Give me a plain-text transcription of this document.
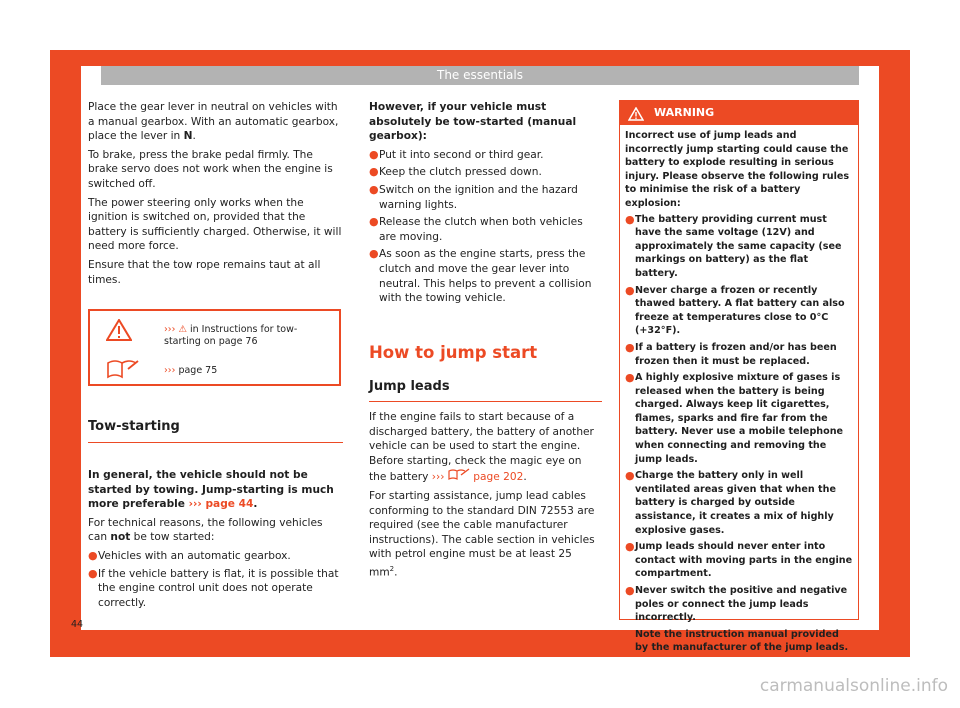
The essentials

Place the gear lever in neutral on vehicles with a manual gearbox. With an automatic gearbox, place the lever in N.

To brake, press the brake pedal firmly. The brake servo does not work when the engine is switched off.

The power steering only works when the ignition is switched on, provided that the battery is sufficiently charged. Otherwise, it will need more force.

Ensure that the tow rope remains taut at all times.

››› ⚠ in Instructions for tow-starting on page 76
››› page 75
Tow-starting

In general, the vehicle should not be started by towing. Jump-starting is much more preferable ››› page 44.

For technical reasons, the following vehicles can not be tow started:

● Vehicles with an automatic gearbox.
● If the vehicle battery is flat, it is possible that the engine control unit does not operate correctly.

However, if your vehicle must absolutely be tow-started (manual gearbox):

● Put it into second or third gear.
● Keep the clutch pressed down.
● Switch on the ignition and the hazard warning lights.
● Release the clutch when both vehicles are moving.
● As soon as the engine starts, press the clutch and move the gear lever into neutral. This helps to prevent a collision with the towing vehicle.
How to jump start
Jump leads

If the engine fails to start because of a discharged battery, the battery of another vehicle can be used to start the engine. Before starting, check the magic eye on the battery ›››	page 202.

For starting assistance, jump lead cables conforming to the standard DIN 72553 are required (see the cable manufacturer instructions). The cable section in vehicles with petrol engine must be at least 25 $mm^2$.

WARNING

Incorrect use of jump leads and incorrectly jump starting could cause the battery to explode resulting in serious injury. Please observe the following rules to minimise the risk of a battery explosion:

● The battery providing current must have the same voltage (12V) and approximately the same capacity (see markings on battery) as the flat battery.
● Never charge a frozen or recently thawed battery. A flat battery can also freeze at temperatures close to 0°C (+32°F).
● If a battery is frozen and/or has been frozen then it must be replaced.
● A highly explosive mixture of gases is released when the battery is being charged. Always keep lit cigarettes, flames, sparks and fire far from the battery. Never use a mobile telephone when connecting and removing the jump leads.
● Charge the battery only in well ventilated areas given that when the battery is charged by outside assistance, it creates a mix of highly explosive gases.
● Jump leads should never enter into contact with moving parts in the engine compartment.
● Never switch the positive and negative poles or connect the jump leads incorrectly.
● Note the instruction manual provided by the manufacturer of the jump leads.
44
carmanualsonline.info
